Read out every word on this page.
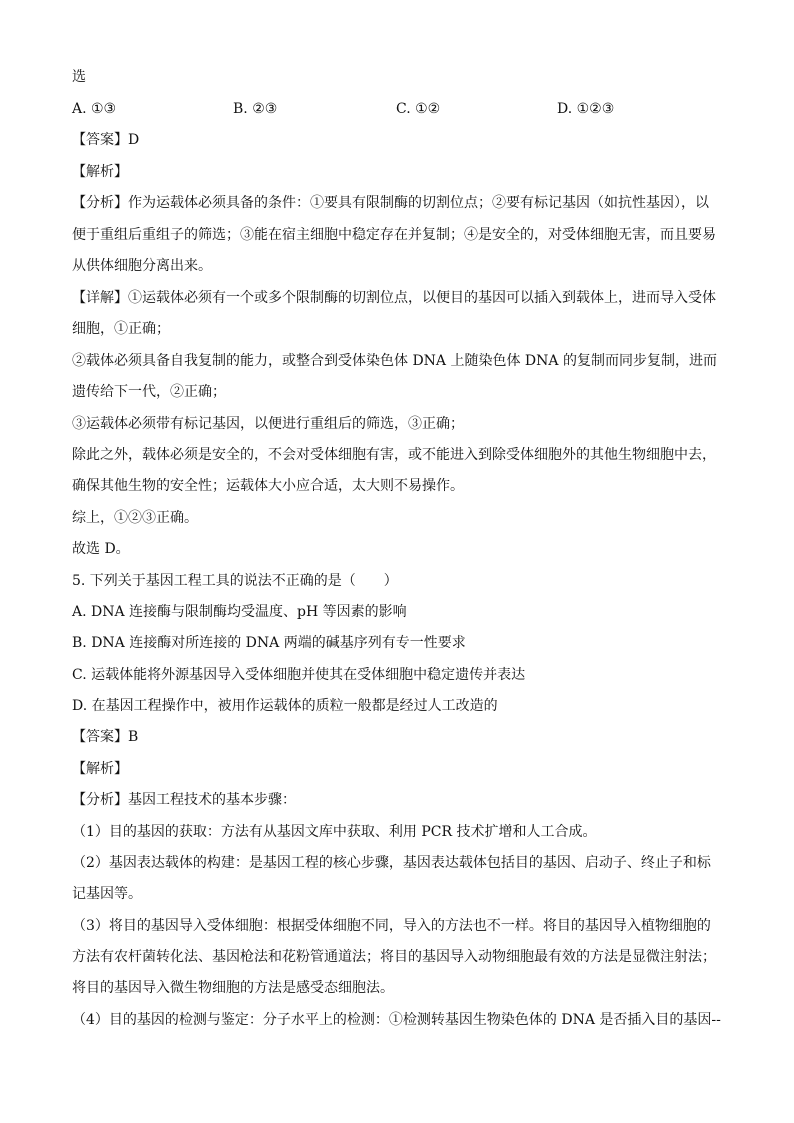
选
A. ①③	B. ②③	C. ①②	D. ①②③
【答案】D
【解析】
【分析】作为运载体必须具备的条件：①要具有限制酶的切割位点；②要有标记基因（如抗性基因），以
便于重组后重组子的筛选；③能在宿主细胞中稳定存在并复制；④是安全的，对受体细胞无害，而且要易
从供体细胞分离出来。
【详解】①运载体必须有一个或多个限制酶的切割位点，以便目的基因可以插入到载体上，进而导入受体
细胞，①正确；
②载体必须具备自我复制的能力，或整合到受体染色体 DNA 上随染色体 DNA 的复制而同步复制，进而
遗传给下一代，②正确；
③运载体必须带有标记基因，以便进行重组后的筛选，③正确；
除此之外，载体必须是安全的，不会对受体细胞有害，或不能进入到除受体细胞外的其他生物细胞中去，
确保其他生物的安全性；运载体大小应合适，太大则不易操作。
综上，①②③正确。
故选 D。
5. 下列关于基因工程工具的说法不正确的是（　　）
A. DNA 连接酶与限制酶均受温度、pH 等因素的影响
B. DNA 连接酶对所连接的 DNA 两端的碱基序列有专一性要求
C. 运载体能将外源基因导入受体细胞并使其在受体细胞中稳定遗传并表达
D. 在基因工程操作中，被用作运载体的质粒一般都是经过人工改造的
【答案】B
【解析】
【分析】基因工程技术的基本步骤：
（1）目的基因的获取：方法有从基因文库中获取、利用 PCR 技术扩增和人工合成。
（2）基因表达载体的构建：是基因工程的核心步骤，基因表达载体包括目的基因、启动子、终止子和标
记基因等。
（3）将目的基因导入受体细胞：根据受体细胞不同，导入的方法也不一样。将目的基因导入植物细胞的
方法有农杆菌转化法、基因枪法和花粉管通道法；将目的基因导入动物细胞最有效的方法是显微注射法；
将目的基因导入微生物细胞的方法是感受态细胞法。
（4）目的基因的检测与鉴定：分子水平上的检测：①检测转基因生物染色体的 DNA 是否插入目的基因--
